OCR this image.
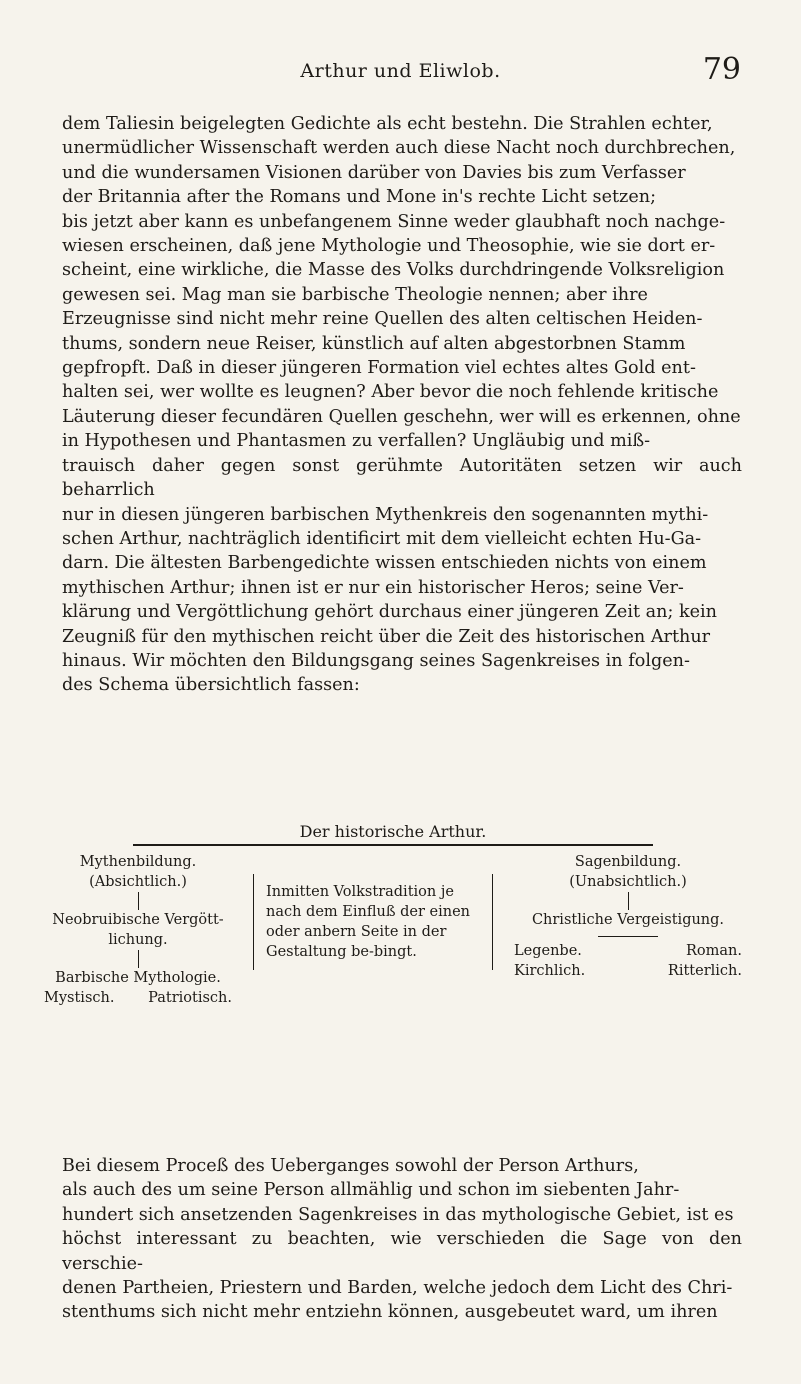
Arthur und Eliwlob.	79
dem Taliesin beigelegten Gedichte als echt bestehn. Die Strahlen echter,
unermüdlicher Wissenschaft werden auch diese Nacht noch durchbrechen,
und die wundersamen Visionen darüber von Davies bis zum Verfasser
der Britannia after the Romans und Mone in's rechte Licht setzen;
bis jetzt aber kann es unbefangenem Sinne weder glaubhaft noch nachge-
wiesen erscheinen, daß jene Mythologie und Theosophie, wie sie dort er-
scheint, eine wirkliche, die Masse des Volks durchdringende Volksreligion
gewesen sei. Mag man sie barbische Theologie nennen; aber ihre
Erzeugnisse sind nicht mehr reine Quellen des alten celtischen Heiden-
thums, sondern neue Reiser, künstlich auf alten abgestorbnen Stamm
gepfropft. Daß in dieser jüngeren Formation viel echtes altes Gold ent-
halten sei, wer wollte es leugnen? Aber bevor die noch fehlende kritische
Läuterung dieser fecundären Quellen geschehn, wer will es erkennen, ohne
in Hypothesen und Phantasmen zu verfallen? Ungläubig und miß-
trauisch daher gegen sonst gerühmte Autoritäten setzen wir auch beharrlich
nur in diesen jüngeren barbischen Mythenkreis den sogenannten mythi-
schen Arthur, nachträglich identificirt mit dem vielleicht echten Hu-Ga-
darn. Die ältesten Barbengedichte wissen entschieden nichts von einem
mythischen Arthur; ihnen ist er nur ein historischer Heros; seine Ver-
klärung und Vergöttlichung gehört durchaus einer jüngeren Zeit an; kein
Zeugniß für den mythischen reicht über die Zeit des historischen Arthur
hinaus. Wir möchten den Bildungsgang seines Sagenkreises in folgen-
des Schema übersichtlich fassen:
Der historische Arthur.
Mythenbildung.
(Absichtlich.)
Neobruibische Vergött-
lichung.
Barbische Mythologie.
Mystisch. Patriotisch.
Inmitten Volkstradition je nach dem Einfluß der einen oder anbern Seite in der Gestaltung be-bingt.
Sagenbildung.
(Unabsichtlich.)
Christliche Vergeistigung.
Legenbe.	Roman.
Kirchlich.	Ritterlich.
Bei diesem Proceß des Ueberganges sowohl der Person Arthurs,
als auch des um seine Person allmählig und schon im siebenten Jahr-
hundert sich ansetzenden Sagenkreises in das mythologische Gebiet, ist es
höchst interessant zu beachten, wie verschieden die Sage von den verschie-
denen Partheien, Priestern und Barden, welche jedoch dem Licht des Chri-
stenthums sich nicht mehr entziehn können, ausgebeutet ward, um ihren
